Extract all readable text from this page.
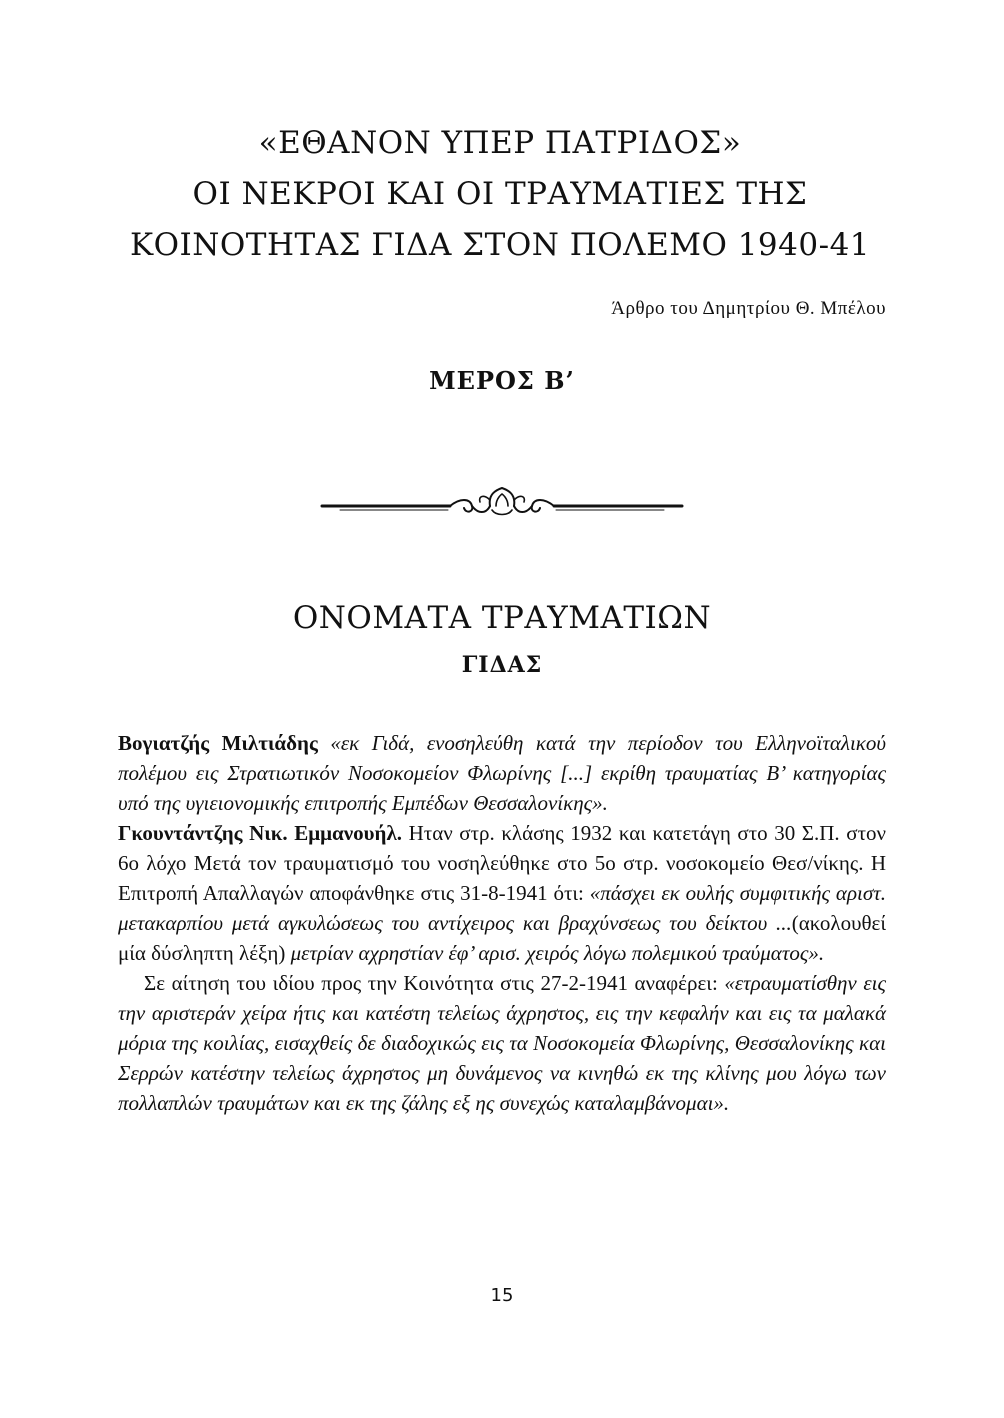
«ΕΘΑΝΟΝ ΥΠΕΡ ΠΑΤΡΙΔΟΣ»
ΟΙ ΝΕΚΡΟΙ ΚΑΙ ΟΙ ΤΡΑΥΜΑΤΙΕΣ ΤΗΣ
ΚΟΙΝΟΤΗΤΑΣ ΓΙΔΑ ΣΤΟΝ ΠΟΛΕΜΟ 1940-41
Άρθρο του Δημητρίου Θ. Μπέλου
ΜΕΡΟΣ Β’
ΟΝΟΜΑΤΑ ΤΡΑΥΜΑΤΙΩΝ
ΓΙΔΑΣ

Βογιατζής Μιλτιάδης «εκ Γιδά, ενοσηλεύθη κατά την περίοδον του Ελληνοϊταλικού πολέμου εις Στρατιωτικόν Νοσοκομείον Φλωρίνης [...] εκρίθη τραυματίας Β’ κατηγορίας υπό της υγιειονομικής επιτροπής Εμπέδων Θεσσαλονίκης».

Γκουντάντζης Νικ. Εμμανουήλ. Ηταν στρ. κλάσης 1932 και κατετάγη στο 30 Σ.Π. στον 6ο λόχο Μετά τον τραυματισμό του νοσηλεύθηκε στο 5ο στρ. νοσοκομείο Θεσ/νίκης. Η Επιτροπή Απαλλαγών αποφάνθηκε στις 31-8-1941 ότι: «πάσχει εκ ουλής συμφιτικής αριστ. μετακαρπίου μετά αγκυλώσεως του αντίχειρος και βραχύνσεως του δείκτου ...(ακολουθεί μία δύσληπτη λέξη) μετρίαν αχρηστίαν έφ’ αρισ. χειρός λόγω πολεμικού τραύματος».

Σε αίτηση του ιδίου προς την Κοινότητα στις 27-2-1941 αναφέρει: «ετραυματίσθην εις την αριστεράν χείρα ήτις και κατέστη τελείως άχρηστος, εις την κεφαλήν και εις τα μαλακά μόρια της κοιλίας, εισαχθείς δε διαδοχικώς εις τα Νοσοκομεία Φλωρίνης, Θεσσαλονίκης και Σερρών κατέστην τελείως άχρηστος μη δυνάμενος να κινηθώ εκ της κλίνης μου λόγω των πολλαπλών τραυμάτων και εκ της ζάλης εξ ης συνεχώς καταλαμβάνομαι».

15
